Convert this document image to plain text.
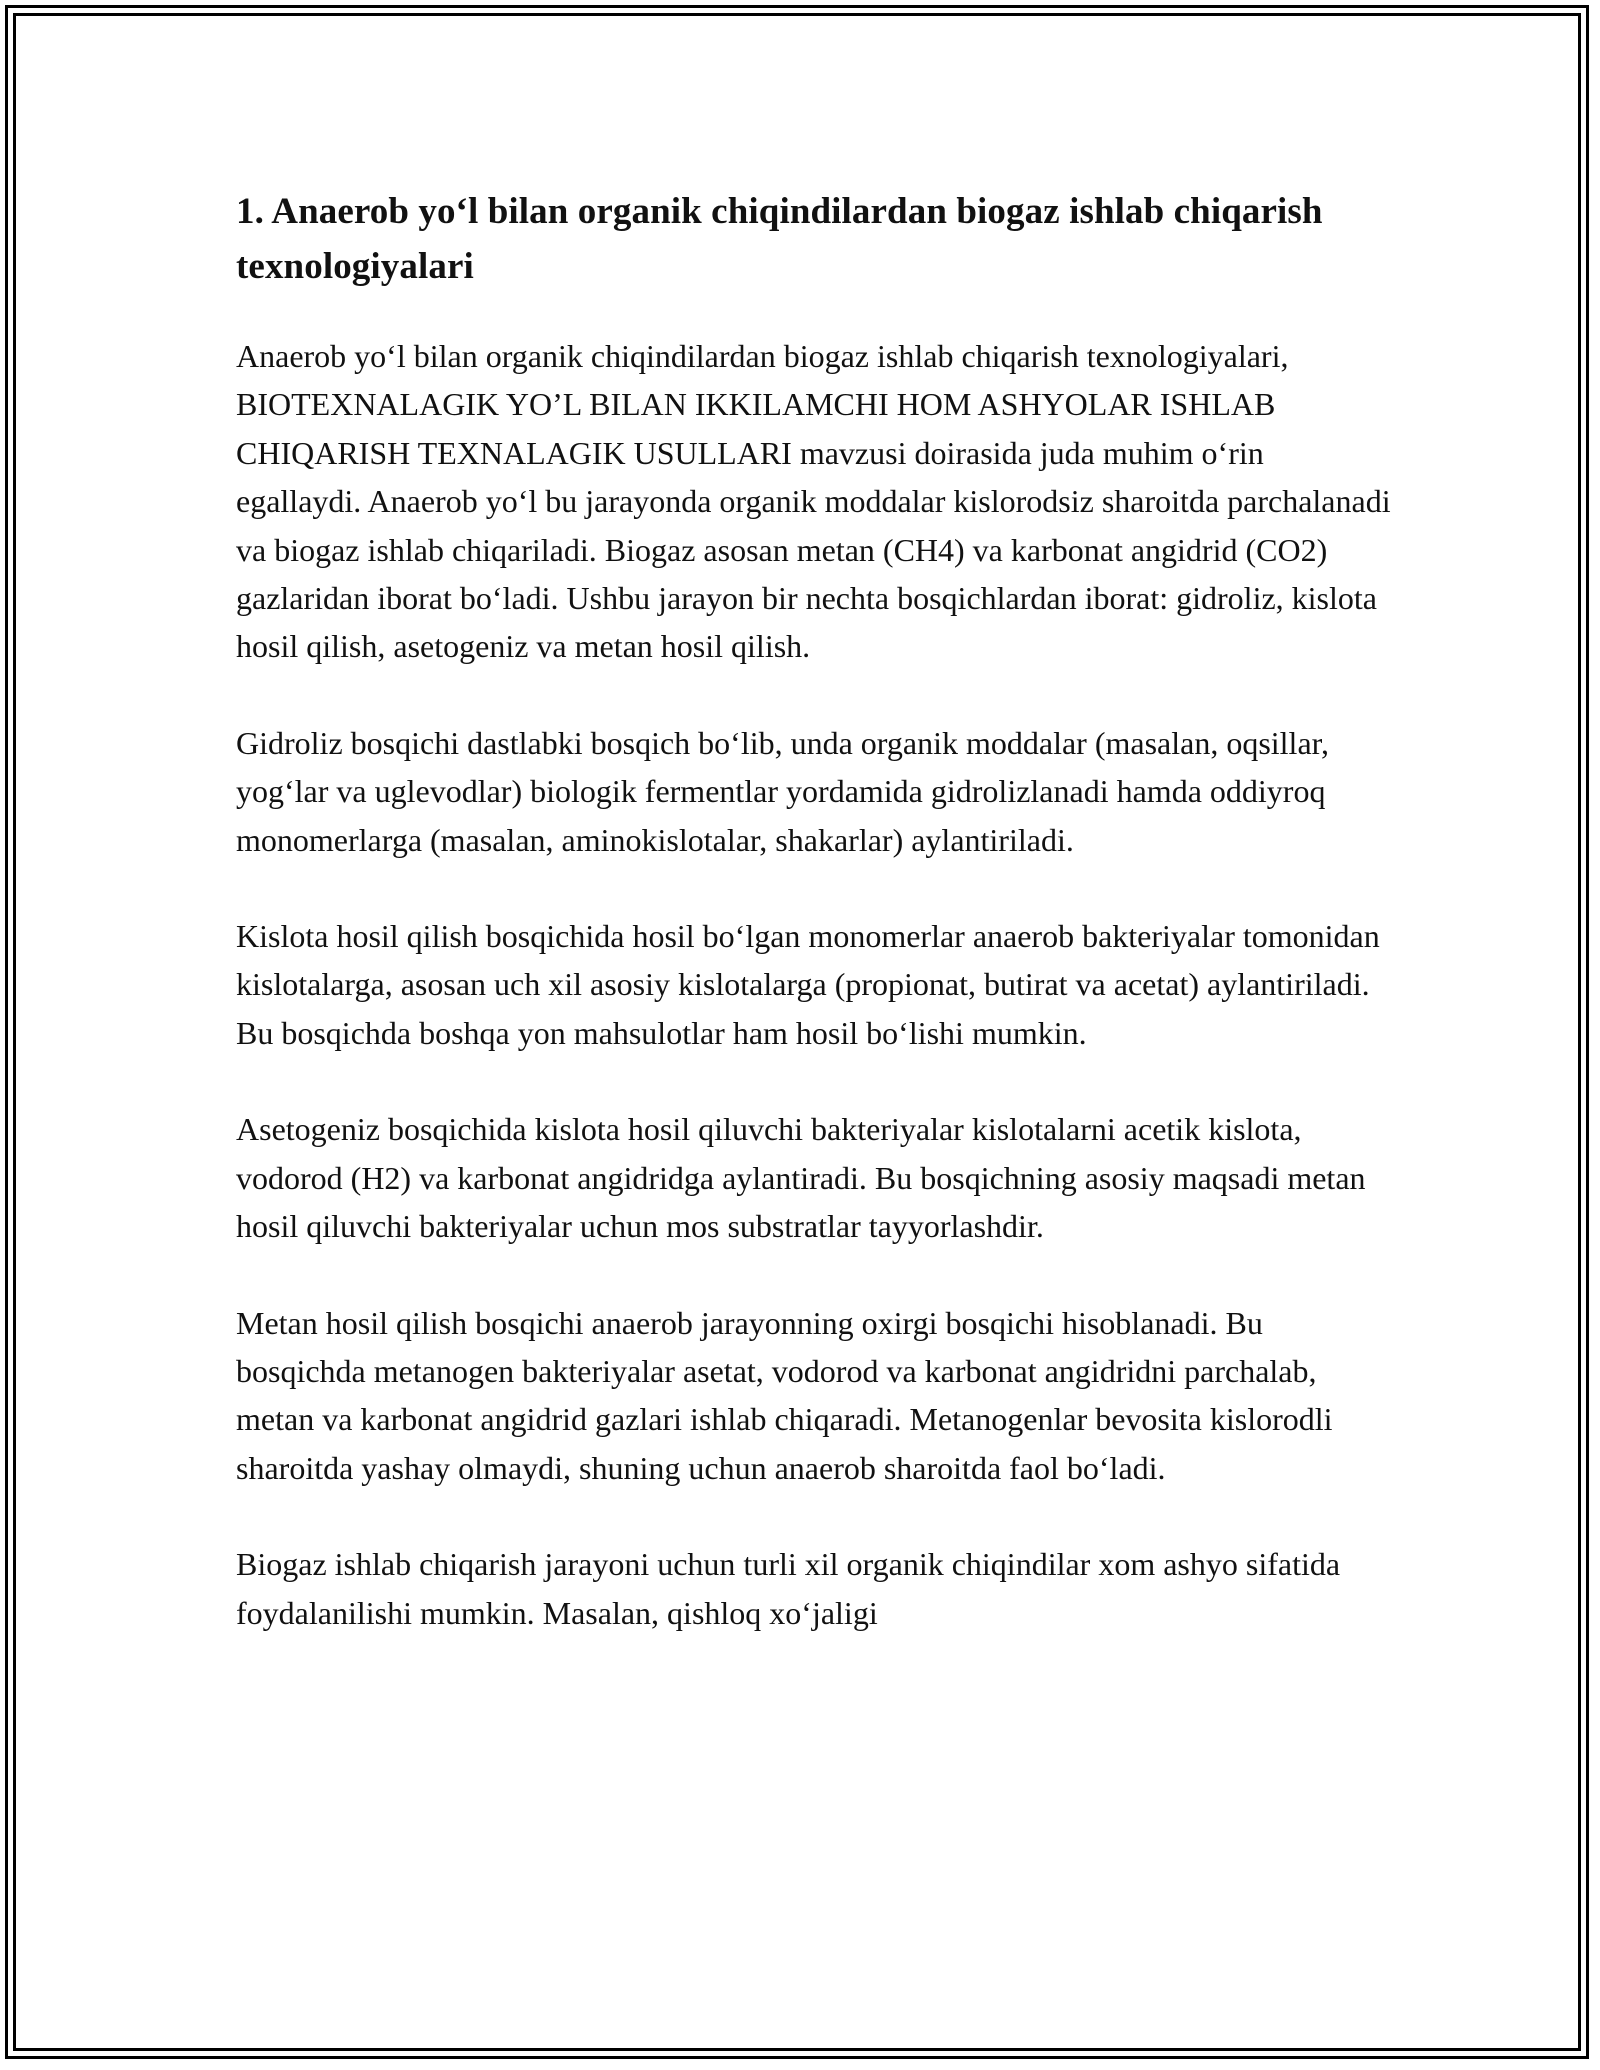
1. Anaerob yo‘l bilan organik chiqindilardan biogaz ishlab chiqarish texnologiyalari

Anaerob yo‘l bilan organik chiqindilardan biogaz ishlab chiqarish texnologiyalari, BIOTEXNALAGIK YO’L BILAN IKKILAMCHI HOM ASHYOLAR ISHLAB CHIQARISH TEXNALAGIK USULLARI mavzusi doirasida juda muhim o‘rin egallaydi. Anaerob yo‘l bu jarayonda organik moddalar kislorodsiz sharoitda parchalanadi va biogaz ishlab chiqariladi. Biogaz asosan metan (CH4) va karbonat angidrid (CO2) gazlaridan iborat bo‘ladi. Ushbu jarayon bir nechta bosqichlardan iborat: gidroliz, kislota hosil qilish, asetogeniz va metan hosil qilish.

Gidroliz bosqichi dastlabki bosqich bo‘lib, unda organik moddalar (masalan, oqsillar, yog‘lar va uglevodlar) biologik fermentlar yordamida gidrolizlanadi hamda oddiyroq monomerlarga (masalan, aminokislotalar, shakarlar) aylantiriladi.

Kislota hosil qilish bosqichida hosil bo‘lgan monomerlar anaerob bakteriyalar tomonidan kislotalarga, asosan uch xil asosiy kislotalarga (propionat, butirat va acetat) aylantiriladi. Bu bosqichda boshqa yon mahsulotlar ham hosil bo‘lishi mumkin.

Asetogeniz bosqichida kislota hosil qiluvchi bakteriyalar kislotalarni acetik kislota, vodorod (H2) va karbonat angidridga aylantiradi. Bu bosqichning asosiy maqsadi metan hosil qiluvchi bakteriyalar uchun mos substratlar tayyorlashdir.

Metan hosil qilish bosqichi anaerob jarayonning oxirgi bosqichi hisoblanadi. Bu bosqichda metanogen bakteriyalar asetat, vodorod va karbonat angidridni parchalab, metan va karbonat angidrid gazlari ishlab chiqaradi. Metanogenlar bevosita kislorodli sharoitda yashay olmaydi, shuning uchun anaerob sharoitda faol bo‘ladi.

Biogaz ishlab chiqarish jarayoni uchun turli xil organik chiqindilar xom ashyo sifatida foydalanilishi mumkin. Masalan, qishloq xo‘jaligi
